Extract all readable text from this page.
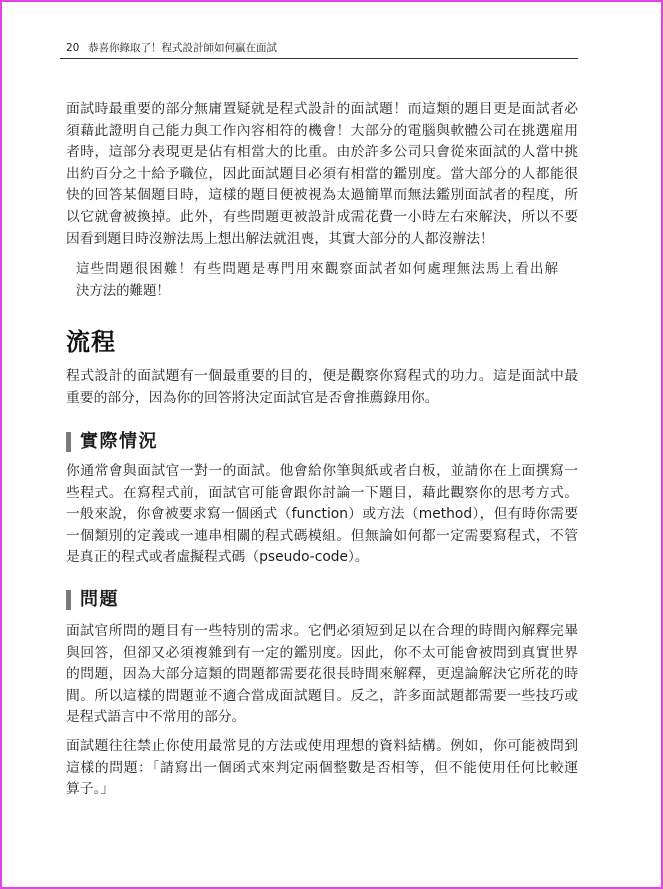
20 恭喜你錄取了！程式設計師如何贏在面試
面試時最重要的部分無庸置疑就是程式設計的面試題！而這類的題目更是面試者必
須藉此證明自己能力與工作內容相符的機會！大部分的電腦與軟體公司在挑選雇用
者時，這部分表現更是佔有相當大的比重。由於許多公司只會從來面試的人當中挑
出約百分之十給予職位，因此面試題目必須有相當的鑑別度。當大部分的人都能很
快的回答某個題目時，這樣的題目便被視為太過簡單而無法鑑別面試者的程度，所
以它就會被換掉。此外，有些問題更被設計成需花費一小時左右來解決，所以不要
因看到題目時沒辦法馬上想出解法就沮喪，其實大部分的人都沒辦法！
這些問題很困難！有些問題是專門用來觀察面試者如何處理無法馬上看出解
決方法的難題！
流程
程式設計的面試題有一個最重要的目的，便是觀察你寫程式的功力。這是面試中最
重要的部分，因為你的回答將決定面試官是否會推薦錄用你。
實際情況
你通常會與面試官一對一的面試。他會給你筆與紙或者白板，並請你在上面撰寫一
些程式。在寫程式前，面試官可能會跟你討論一下題目，藉此觀察你的思考方式。
一般來說，你會被要求寫一個函式（function）或方法（method），但有時你需要
一個類別的定義或一連串相關的程式碼模組。但無論如何都一定需要寫程式，不管
是真正的程式或者虛擬程式碼（pseudo-code）。
問題
面試官所問的題目有一些特別的需求。它們必須短到足以在合理的時間內解釋完畢
與回答，但卻又必須複雜到有一定的鑑別度。因此，你不太可能會被問到真實世界
的問題，因為大部分這類的問題都需要花很長時間來解釋，更遑論解決它所花的時
間。所以這樣的問題並不適合當成面試題目。反之，許多面試題都需要一些技巧或
是程式語言中不常用的部分。
面試題往往禁止你使用最常見的方法或使用理想的資料結構。例如，你可能被問到
這樣的問題：「請寫出一個函式來判定兩個整數是否相等，但不能使用任何比較運
算子。」
